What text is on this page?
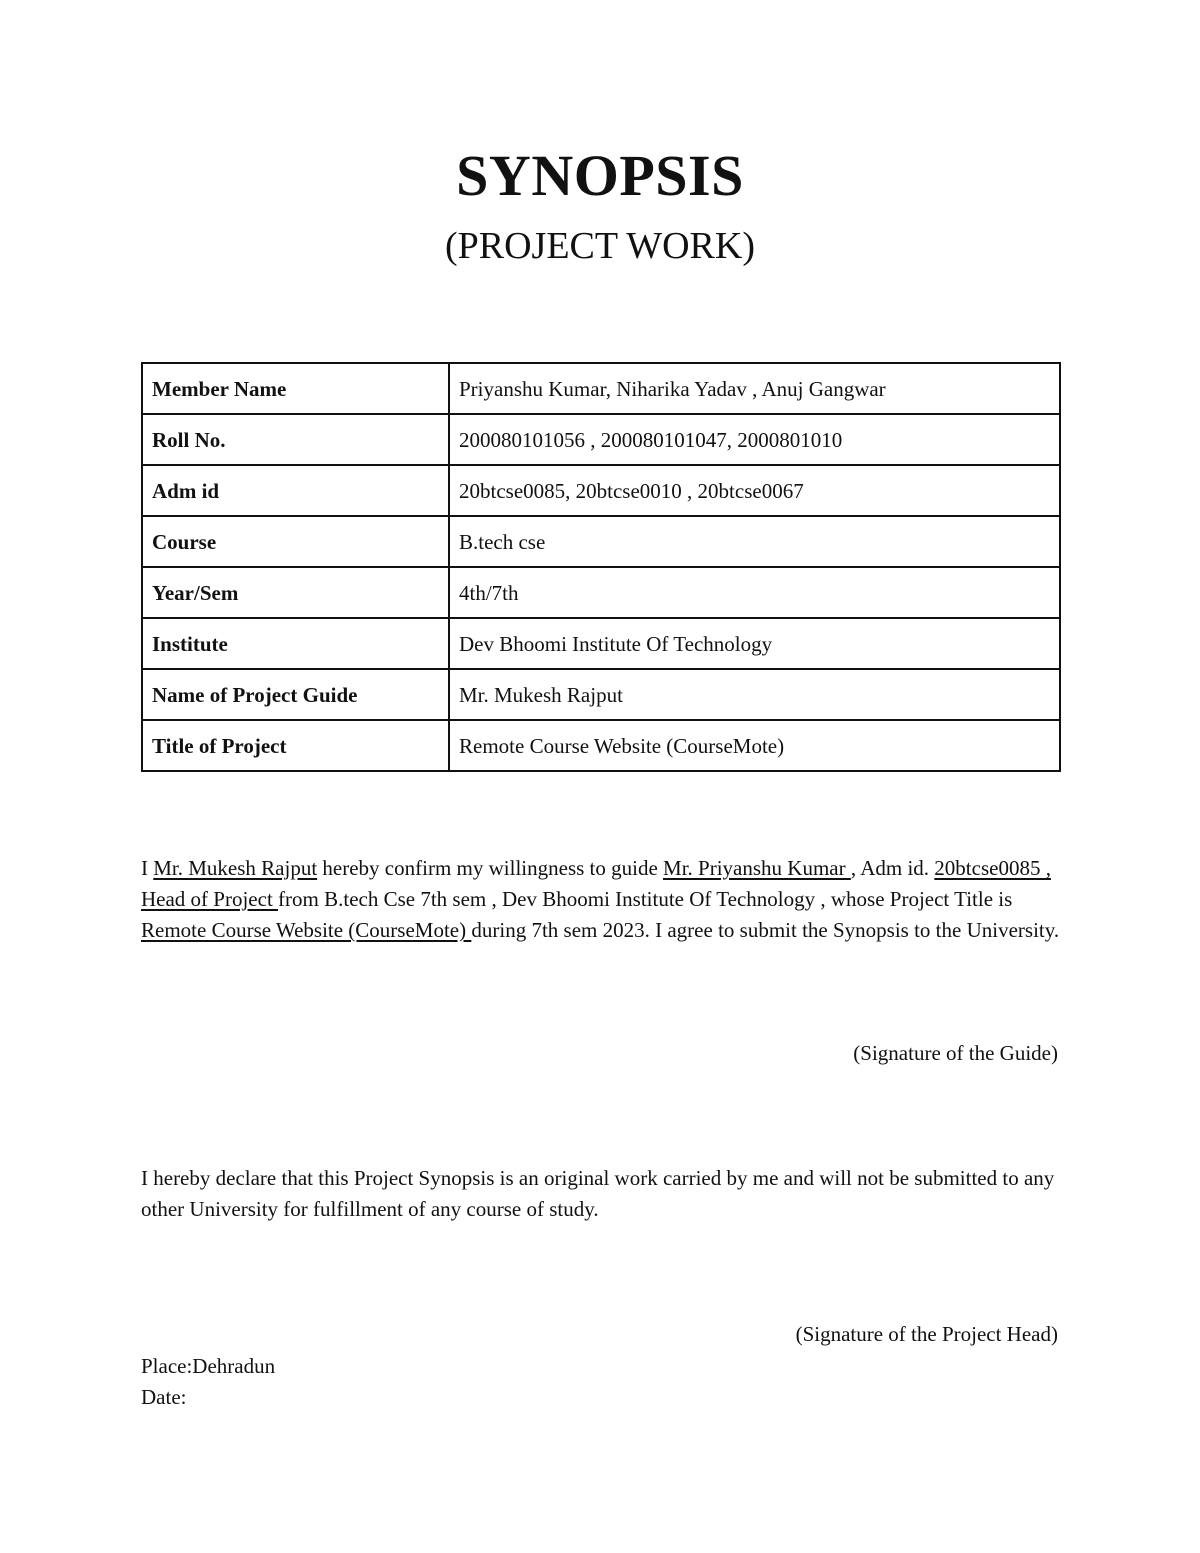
SYNOPSIS
(PROJECT WORK)
Member Name	Priyanshu Kumar, Niharika Yadav , Anuj Gangwar
Roll No.	200080101056 , 200080101047, 2000801010
Adm id	20btcse0085, 20btcse0010 , 20btcse0067
Course	B.tech cse
Year/Sem	4th/7th
Institute	Dev Bhoomi Institute Of Technology
Name of Project Guide	Mr. Mukesh Rajput
Title of Project	Remote Course Website (CourseMote)
I Mr. Mukesh Rajput hereby confirm my willingness to guide Mr. Priyanshu Kumar , Adm id. 20btcse0085 , Head of Project from B.tech Cse 7th sem , Dev Bhoomi Institute Of Technology , whose Project Title is Remote Course Website (CourseMote) during 7th sem 2023. I agree to submit the Synopsis to the University.
(Signature of the Guide)
I hereby declare that this Project Synopsis is an original work carried by me and will not be submitted to any other University for fulfillment of any course of study.
(Signature of the Project Head)
Place:Dehradun
Date:
